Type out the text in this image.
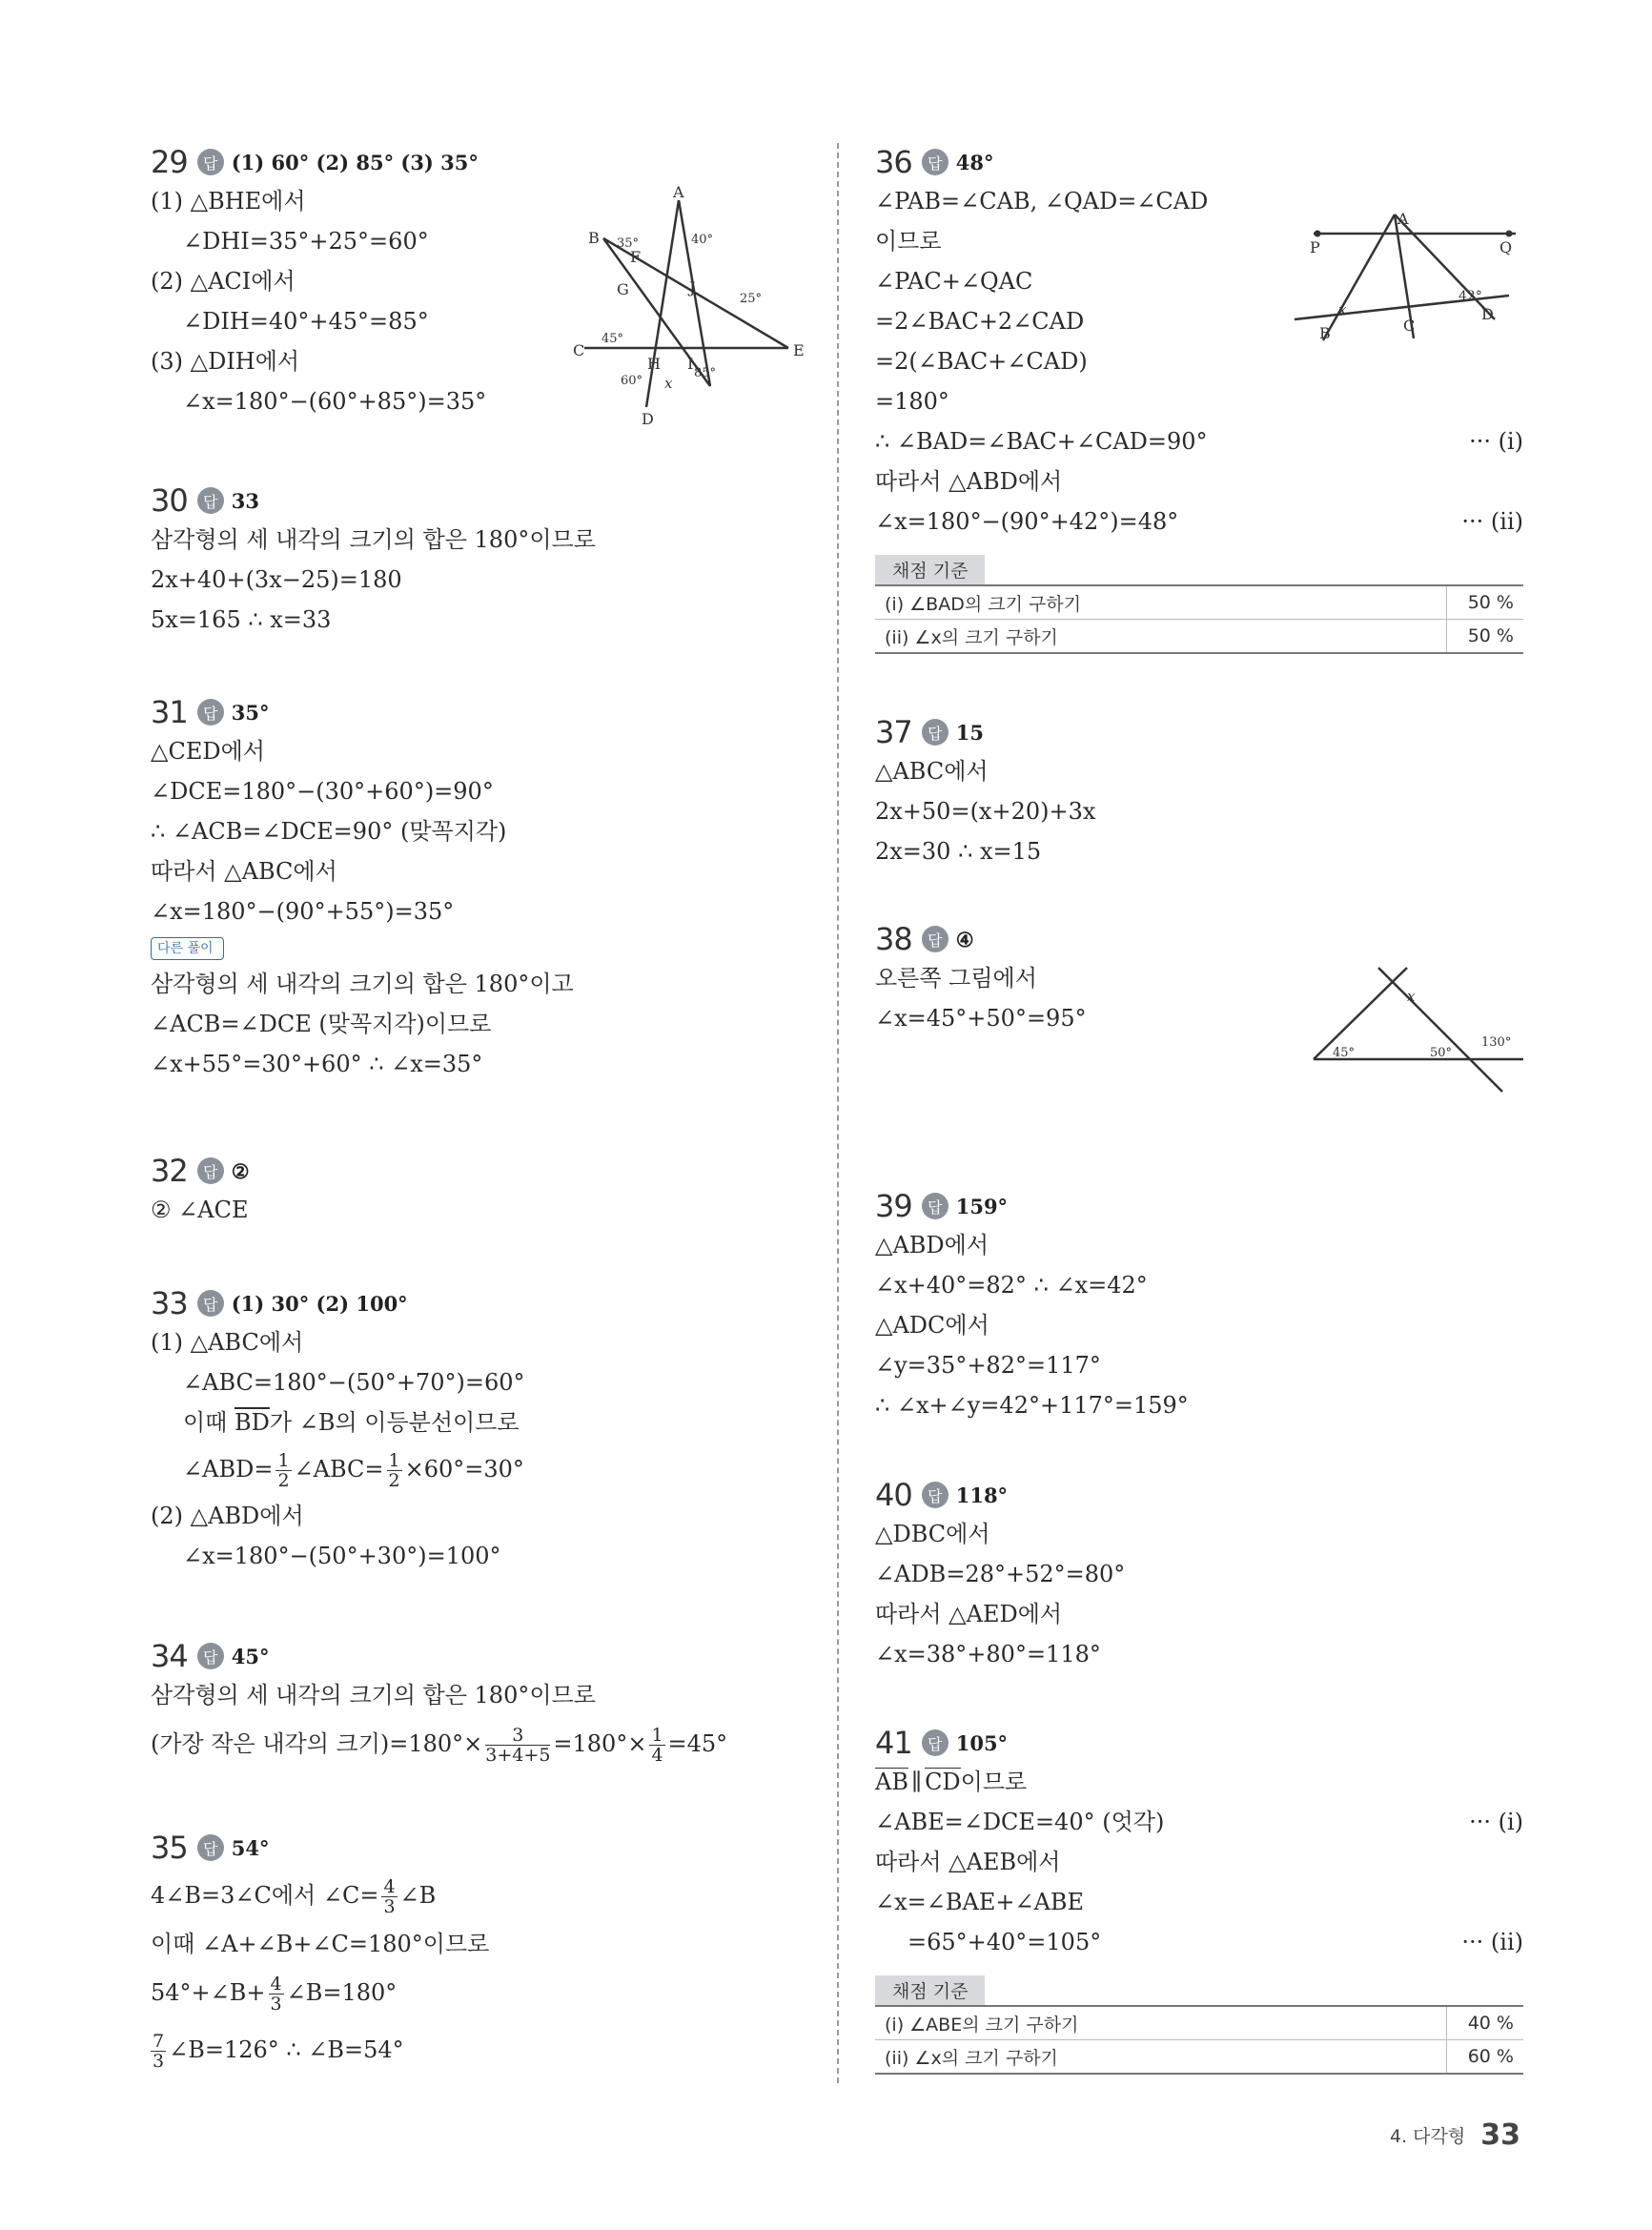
29	답 (1) 60° (2) 85° (3) 35°
(1) △BHE에서
∠DHI=35°+25°=60°
(2) △ACI에서
∠DIH=40°+45°=85°
(3) △DIH에서
∠x=180°−(60°+85°)=35°
A
B
C
D
E
F
G
H I
J
35°	40°
25°
45°
60°
85°
x
30	답 33
삼각형의 세 내각의 크기의 합은 180°이므로
2x+40+(3x−25)=180
5x=165 ∴ x=33
31	답 35°
△CED에서
∠DCE=180°−(30°+60°)=90°
∴ ∠ACB=∠DCE=90° (맞꼭지각)
따라서 △ABC에서
∠x=180°−(90°+55°)=35°
다른 풀이
삼각형의 세 내각의 크기의 합은 180°이고
∠ACB=∠DCE (맞꼭지각)이므로
∠x+55°=30°+60° ∴ ∠x=35°
32	답 ②
② ∠ACE
33	답 (1) 30° (2) 100°
(1) △ABC에서
∠ABC=180°−(50°+70°)=60°
이때 $\overline{BD}$가 ∠B의 이등분선이므로
∠ABD= $\frac{1}{2}$ ∠ABC= $\frac{1}{2} \times 60^\circ=30^\circ$
(2) △ABD에서
∠x=180°−(50°+30°)=100°
34	답 45°
삼각형의 세 내각의 크기의 합은 180°이므로
(가장 작은 내각의 크기)$=180^\circ\times \frac{3}{3+4+5} =180^\circ\times \frac{1}{4} =45^\circ$
35	답 54°
4∠B=3∠C에서 ∠C= $\frac{4}{3}$ ∠B
이때 ∠A+∠B+∠C=180°이므로
54°+∠B+ $\frac{4}{3}$ ∠B=180°
$\frac{7}{3}$ ∠B=126° ∴ ∠B=54°
36	답 48°
∠PAB=∠CAB, ∠QAD=∠CAD
이므로
∠PAC+∠QAC
=2∠BAC+2∠CAD
=2(∠BAC+∠CAD)
=180°
∴ ∠BAD=∠BAC+∠CAD=90°	··· (i)
따라서 △ABD에서
∠x=180°−(90°+42°)=48°	··· (ii)
채점 기준
(i) ∠BAD의 크기 구하기	50 %
(ii) ∠x의 크기 구하기	50 %
A
P	Q
B	C
D
x
42°
37	답 15
△ABC에서
2x+50=(x+20)+3x
2x=30 ∴ x=15
38	답 ④
오른쪽 그림에서
∠x=45°+50°=95°
x
45°	50°
130°
39	답 159°
△ABD에서
∠x+40°=82° ∴ ∠x=42°
△ADC에서
∠y=35°+82°=117°
∴ ∠x+∠y=42°+117°=159°
40	답 118°
△DBC에서
∠ADB=28°+52°=80°
따라서 △AED에서
∠x=38°+80°=118°
41	답 105°
AB ∥ CD이므로
∠ABE=∠DCE=40° (엇각)	··· (i)
따라서 △AEB에서
∠x=∠BAE+∠ABE
=65°+40°=105°	··· (ii)
채점 기준
(i) ∠ABE의 크기 구하기	40 %
(ii) ∠x의 크기 구하기	60 %
4. 다각형 33
